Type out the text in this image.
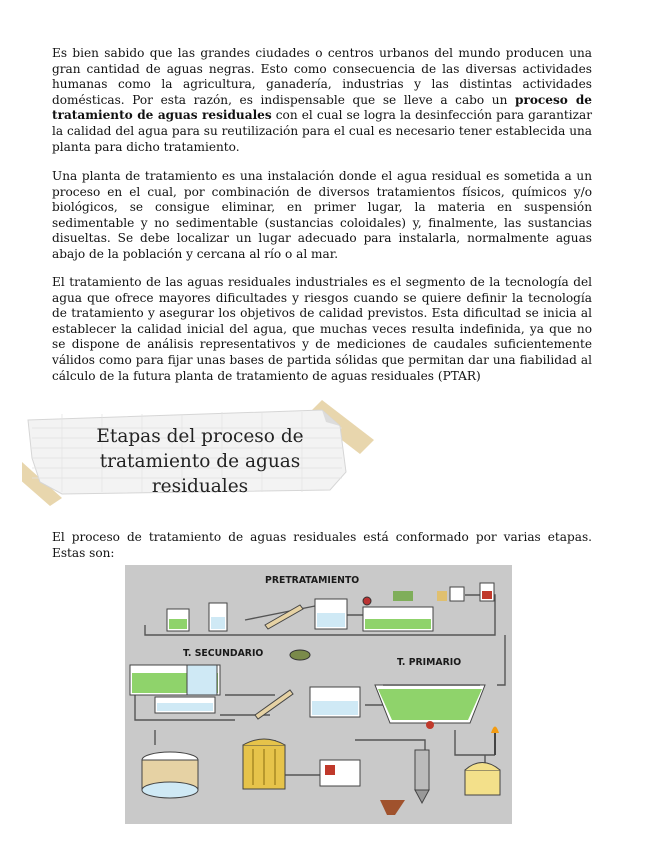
Es bien sabido que las grandes ciudades o centros urbanos del mundo producen una gran cantidad de aguas negras. Esto como consecuencia de las diversas actividades humanas como la agricultura, ganadería, industrias y las distintas actividades domésticas. Por esta razón, es indispensable que se lleve a cabo un proceso de tratamiento de aguas residuales con el cual se logra la desinfección para garantizar la calidad del agua para su reutilización para el cual es necesario tener establecida una planta para dicho tratamiento.

Una planta de tratamiento es una instalación donde el agua residual es sometida a un proceso en el cual, por combinación de diversos tratamientos físicos, químicos y/o biológicos, se consigue eliminar, en primer lugar, la materia en suspensión sedimentable y no sedimentable (sustancias coloidales) y, finalmente, las sustancias disueltas. Se debe localizar un lugar adecuado para instalarla, normalmente aguas abajo de la población y cercana al río o al mar.

El tratamiento de las aguas residuales industriales es el segmento de la tecnología del agua que ofrece mayores dificultades y riesgos cuando se quiere definir la tecnología de tratamiento y asegurar los objetivos de calidad previstos. Esta dificultad se inicia al establecer la calidad inicial del agua, que muchas veces resulta indefinida, ya que no se dispone de análisis representativos y de mediciones de caudales suficientemente válidos como para fijar unas bases de partida sólidas que permitan dar una fiabilidad al cálculo de la futura planta de tratamiento de aguas residuales (PTAR)

Etapas del proceso de
tratamiento de aguas residuales

El proceso de tratamiento de aguas residuales está conformado por varias etapas. Estas son:

PRETRATAMIENTO
T. SECUNDARIO
T. PRIMARIO
